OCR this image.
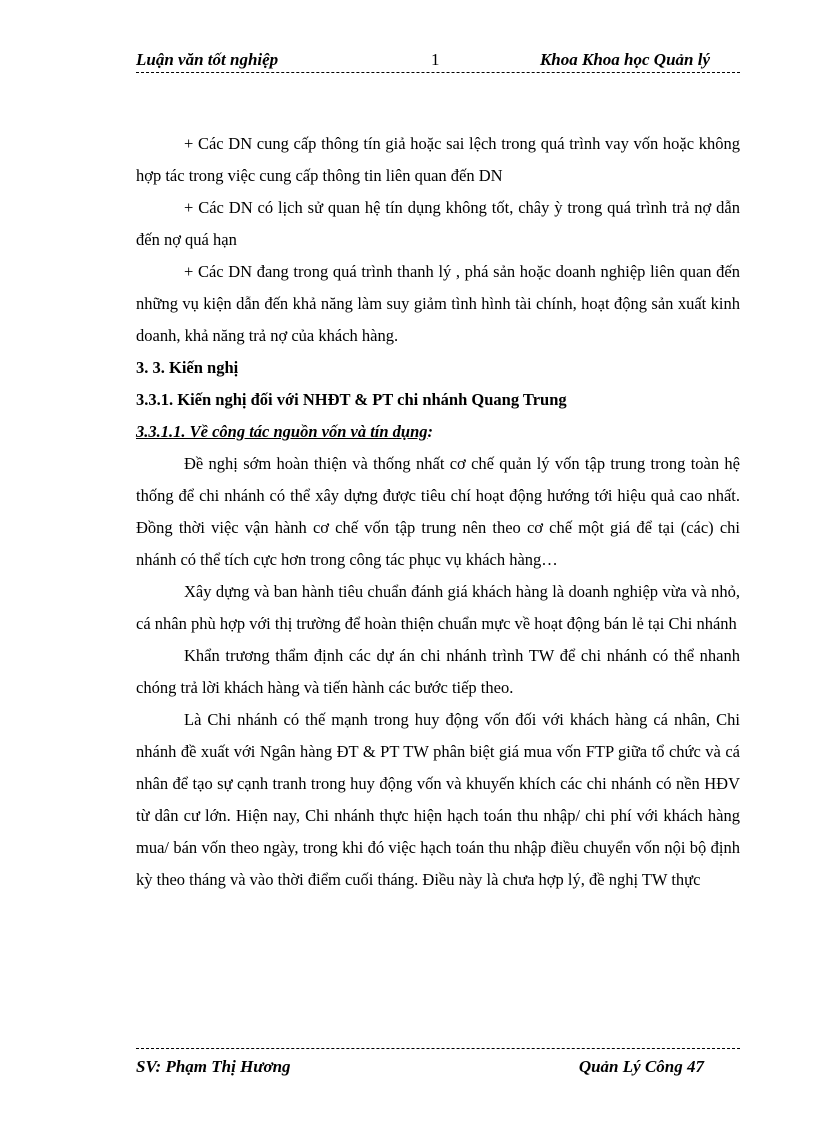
Luận văn tốt nghiệp	1	Khoa Khoa học Quản lý

+ Các DN cung cấp thông tín giả hoặc sai lệch trong quá trình vay vốn hoặc không hợp tác trong việc cung cấp thông tin liên quan đến DN

+ Các DN có lịch sử quan hệ tín dụng không tốt, chây ỳ trong quá trình trả nợ dẫn đến nợ quá hạn

+ Các DN đang trong quá trình thanh lý , phá sản hoặc doanh nghiệp liên quan đến những vụ kiện dẫn đến khả năng làm suy giảm tình hình tài chính, hoạt động sản xuất kinh doanh, khả năng trả nợ của khách hàng.

3. 3. Kiến nghị

3.3.1. Kiến nghị đối với NHĐT & PT chi nhánh Quang Trung

3.3.1.1. Về công tác nguồn vốn và tín dụng:

Đề nghị sớm hoàn thiện và thống nhất cơ chế quản lý vốn tập trung trong toàn hệ thống để chi nhánh có thể xây dựng được tiêu chí hoạt động hướng tới hiệu quả cao nhất. Đồng thời việc vận hành cơ chế vốn tập trung nên theo cơ chế một giá để tại (các) chi nhánh có thể tích cực hơn trong công tác phục vụ khách hàng…

Xây dựng và ban hành tiêu chuẩn đánh giá khách hàng là doanh nghiệp vừa và nhỏ, cá nhân phù hợp với thị trường để hoàn thiện chuẩn mực về hoạt động bán lẻ tại Chi nhánh

Khẩn trương thẩm định các dự án chi nhánh trình TW để chi nhánh có thể nhanh chóng trả lời khách hàng và tiến hành các bước tiếp theo.

Là Chi nhánh có thế mạnh trong huy động vốn đối với khách hàng cá nhân, Chi nhánh đề xuất với Ngân hàng ĐT & PT TW phân biệt giá mua vốn FTP giữa tổ chức và cá nhân để tạo sự cạnh tranh trong huy động vốn và khuyến khích các chi nhánh có nền HĐV từ dân cư lớn. Hiện nay, Chi nhánh thực hiện hạch toán thu nhập/ chi phí với khách hàng mua/ bán vốn theo ngày, trong khi đó việc hạch toán thu nhập điều chuyển vốn nội bộ định kỳ theo tháng và vào thời điểm cuối tháng. Điều này là chưa hợp lý, đề nghị TW thực

SV: Phạm Thị Hương	Quản Lý Công 47
